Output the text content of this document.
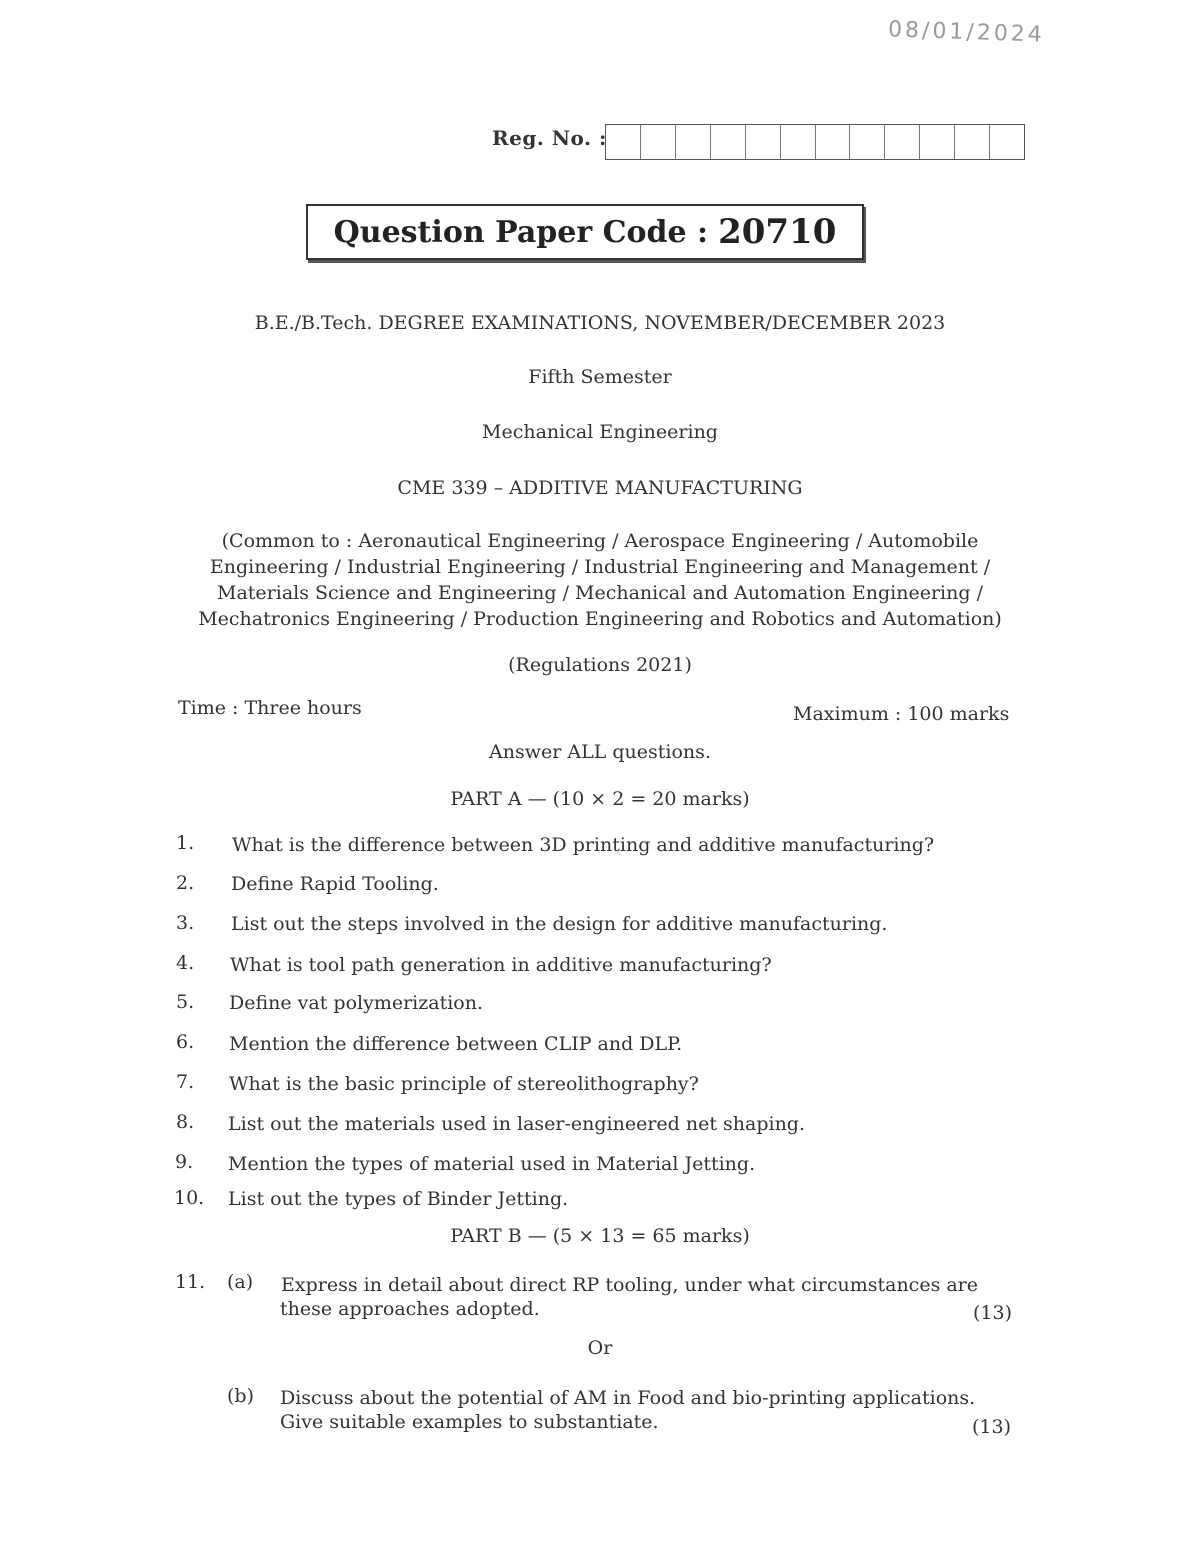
08/01/2024
Reg. No. :
Question Paper Code : 20710
B.E./B.Tech. DEGREE EXAMINATIONS, NOVEMBER/DECEMBER 2023
Fifth Semester
Mechanical Engineering
CME 339 – ADDITIVE MANUFACTURING
(Common to : Aeronautical Engineering / Aerospace Engineering / Automobile
Engineering / Industrial Engineering / Industrial Engineering and Management /
Materials Science and Engineering / Mechanical and Automation Engineering /
Mechatronics Engineering / Production Engineering and Robotics and Automation)
(Regulations 2021)
Time : Three hours	Maximum : 100 marks
Answer ALL questions.
PART A — (10 × 2 = 20 marks)
1. What is the difference between 3D printing and additive manufacturing?
2. Define Rapid Tooling.
3. List out the steps involved in the design for additive manufacturing.
4. What is tool path generation in additive manufacturing?
5. Define vat polymerization.
6. Mention the difference between CLIP and DLP.
7. What is the basic principle of stereolithography?
8. List out the materials used in laser-engineered net shaping.
9. Mention the types of material used in Material Jetting.
10. List out the types of Binder Jetting.
PART B — (5 × 13 = 65 marks)
11. (a) Express in detail about direct RP tooling, under what circumstances are
these approaches adopted.	(13)
Or
(b) Discuss about the potential of AM in Food and bio-printing applications.
Give suitable examples to substantiate.	(13)
